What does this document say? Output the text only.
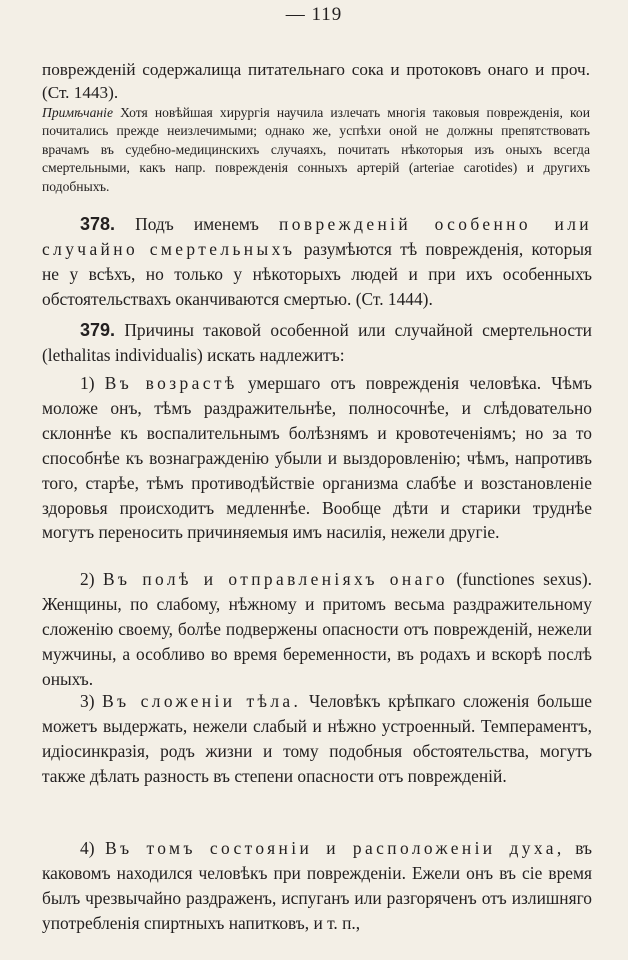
— 119

поврежденій содержалища питательнаго сока и протоковъ онаго и проч. (Ст. 1443).

Примѣчаніе Хотя новѣйшая хирургія научила излечать многія таковыя поврежденія, кои почитались прежде неизлечимыми; однако же, успѣхи оной не должны препятствовать врачамъ въ судебно-медицинскихъ случаяхъ, почитать нѣкоторыя изъ оныхъ всегда смертельными, какъ напр. поврежденія сонныхъ артерій (arteriae carotides) и другихъ подобныхъ.

378. Подъ именемъ поврежденій особенно или случайно смертельныхъ разумѣются тѣ поврежденія, которыя не у всѣхъ, но только у нѣкоторыхъ людей и при ихъ особенныхъ обстоятельствахъ оканчиваются смертью. (Ст. 1444).

379. Причины таковой особенной или случайной смертельности (lethalitas individualis) искать надлежитъ:

1) Въ возрастѣ умершаго отъ поврежденія человѣка. Чѣмъ моложе онъ, тѣмъ раздражительнѣе, полносочнѣе, и слѣдовательно склоннѣе къ воспалительнымъ болѣзнямъ и кровотеченіямъ; но за то способнѣе къ вознагражденію убыли и выздоровленію; чѣмъ, напротивъ того, старѣе, тѣмъ противодѣйствіе организма слабѣе и возстановленіе здоровья происходитъ медленнѣе. Вообще дѣти и старики труднѣе могутъ переносить причиняемыя имъ насилія, нежели другіе.

2) Въ полѣ и отправленіяхъ онаго (functiones sexus). Женщины, по слабому, нѣжному и притомъ весьма раздражительному сложенію своему, болѣе подвержены опасности отъ поврежденій, нежели мужчины, а особливо во время беременности, въ родахъ и вскорѣ послѣ оныхъ.

3) Въ сложеніи тѣла. Человѣкъ крѣпкаго сложенія больше можетъ выдержать, нежели слабый и нѣжно устроенный. Темпераментъ, идіосинкразія, родъ жизни и тому подобныя обстоятельства, могутъ также дѣлать разность въ степени опасности отъ поврежденій.

4) Въ томъ состояніи и расположеніи духа, въ каковомъ находился человѣкъ при поврежденіи. Ежели онъ въ сіе время былъ чрезвычайно раздраженъ, испуганъ или разгоряченъ отъ излишняго употребленія спиртныхъ напитковъ, и т. п.,
